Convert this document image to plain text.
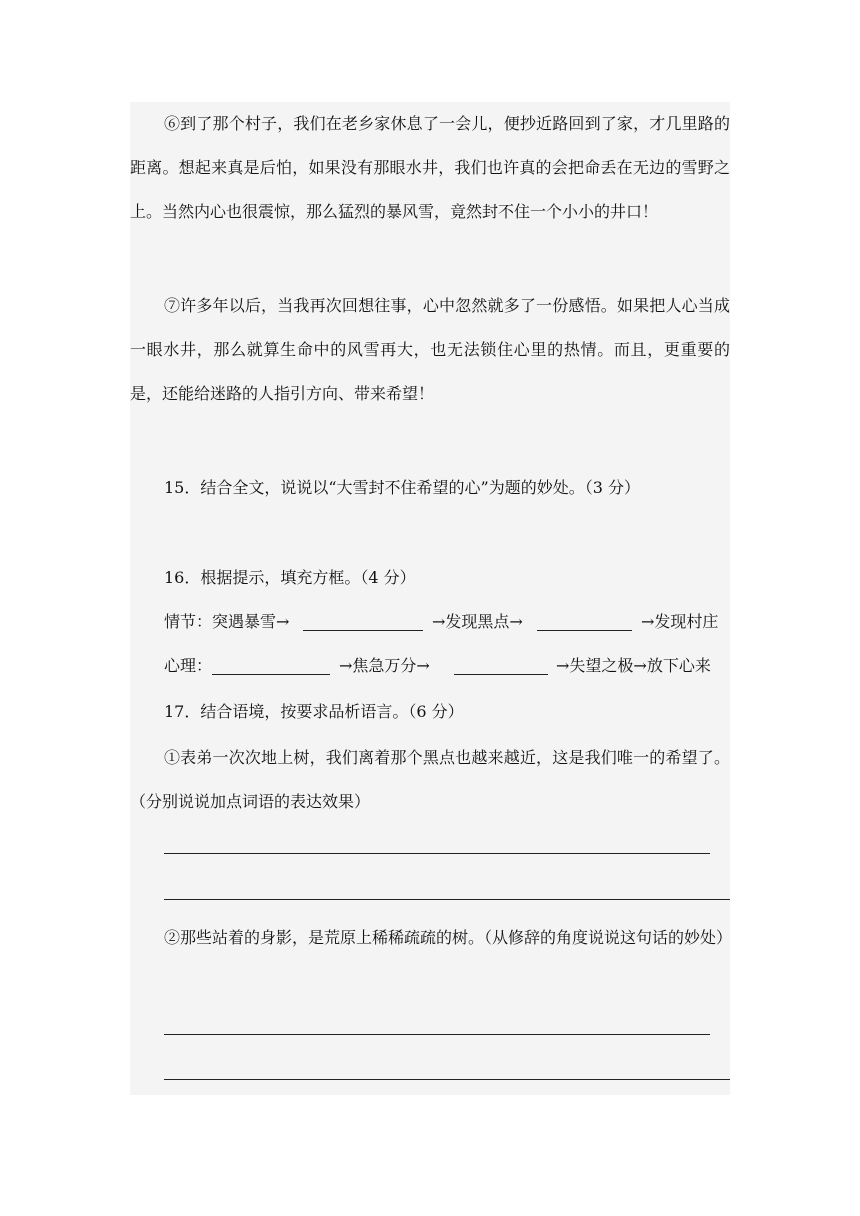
⑥到了那个村子，我们在老乡家休息了一会儿，便抄近路回到了家，才几里路的距离。想起来真是后怕，如果没有那眼水井，我们也许真的会把命丢在无边的雪野之上。当然内心也很震惊，那么猛烈的暴风雪，竟然封不住一个小小的井口！
⑦许多年以后，当我再次回想往事，心中忽然就多了一份感悟。如果把人心当成一眼水井，那么就算生命中的风雪再大，也无法锁住心里的热情。而且，更重要的是，还能给迷路的人指引方向、带来希望！
15．结合全文，说说以“大雪封不住希望的心”为题的妙处。（3 分）
16．根据提示，填充方框。（4 分）
情节： 突遇暴雪→	→发现黑点→	→发现村庄
心理：	→焦急万分→	→失望之极→放下心来
17．结合语境，按要求品析语言。（6 分）
①表弟一次次地上树，我们离着那个黑点也越来越近，这是我们唯一的希望了。（分别说说加点词语的表达效果）
②那些站着的身影，是荒原上稀稀疏疏的树。（从修辞的角度说说这句话的妙处）
